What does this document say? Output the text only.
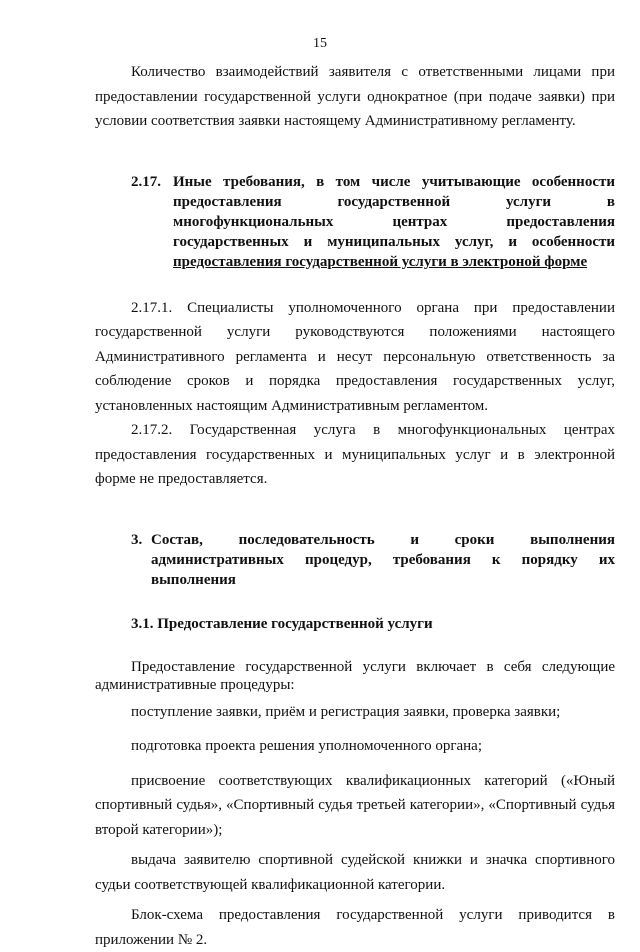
15

Количество взаимодействий заявителя с ответственными лицами при предоставлении государственной услуги однократное (при подаче заявки) при условии соответствия заявки настоящему Административному регламенту.

2.17. Иные требования, в том числе учитывающие особенности предоставления государственной услуги в многофункциональных центрах предоставления государственных и муниципальных услуг, и особенности предоставления государственной услуги в электроной форме

2.17.1. Специалисты уполномоченного органа при предоставлении государственной услуги руководствуются положениями настоящего Административного регламента и несут персональную ответственность за соблюдение сроков и порядка предоставления государственных услуг, установленных настоящим Административным регламентом.

2.17.2. Государственная услуга в многофункциональных центрах предоставления государственных и муниципальных услуг и в электронной форме не предоставляется.

3. Состав, последовательность и сроки выполнения административных процедур, требования к порядку их выполнения
3.1. Предоставление государственной услуги

Предоставление государственной услуги включает в себя следующие административные процедуры:

поступление заявки, приём и регистрация заявки, проверка заявки;

подготовка проекта решения уполномоченного органа;

присвоение соответствующих квалификационных категорий («Юный спортивный судья», «Спортивный судья третьей категории», «Спортивный судья второй категории»);

выдача заявителю спортивной судейской книжки и значка спортивного судьи соответствующей квалификационной категории.

Блок-схема предоставления государственной услуги приводится в приложении № 2.
